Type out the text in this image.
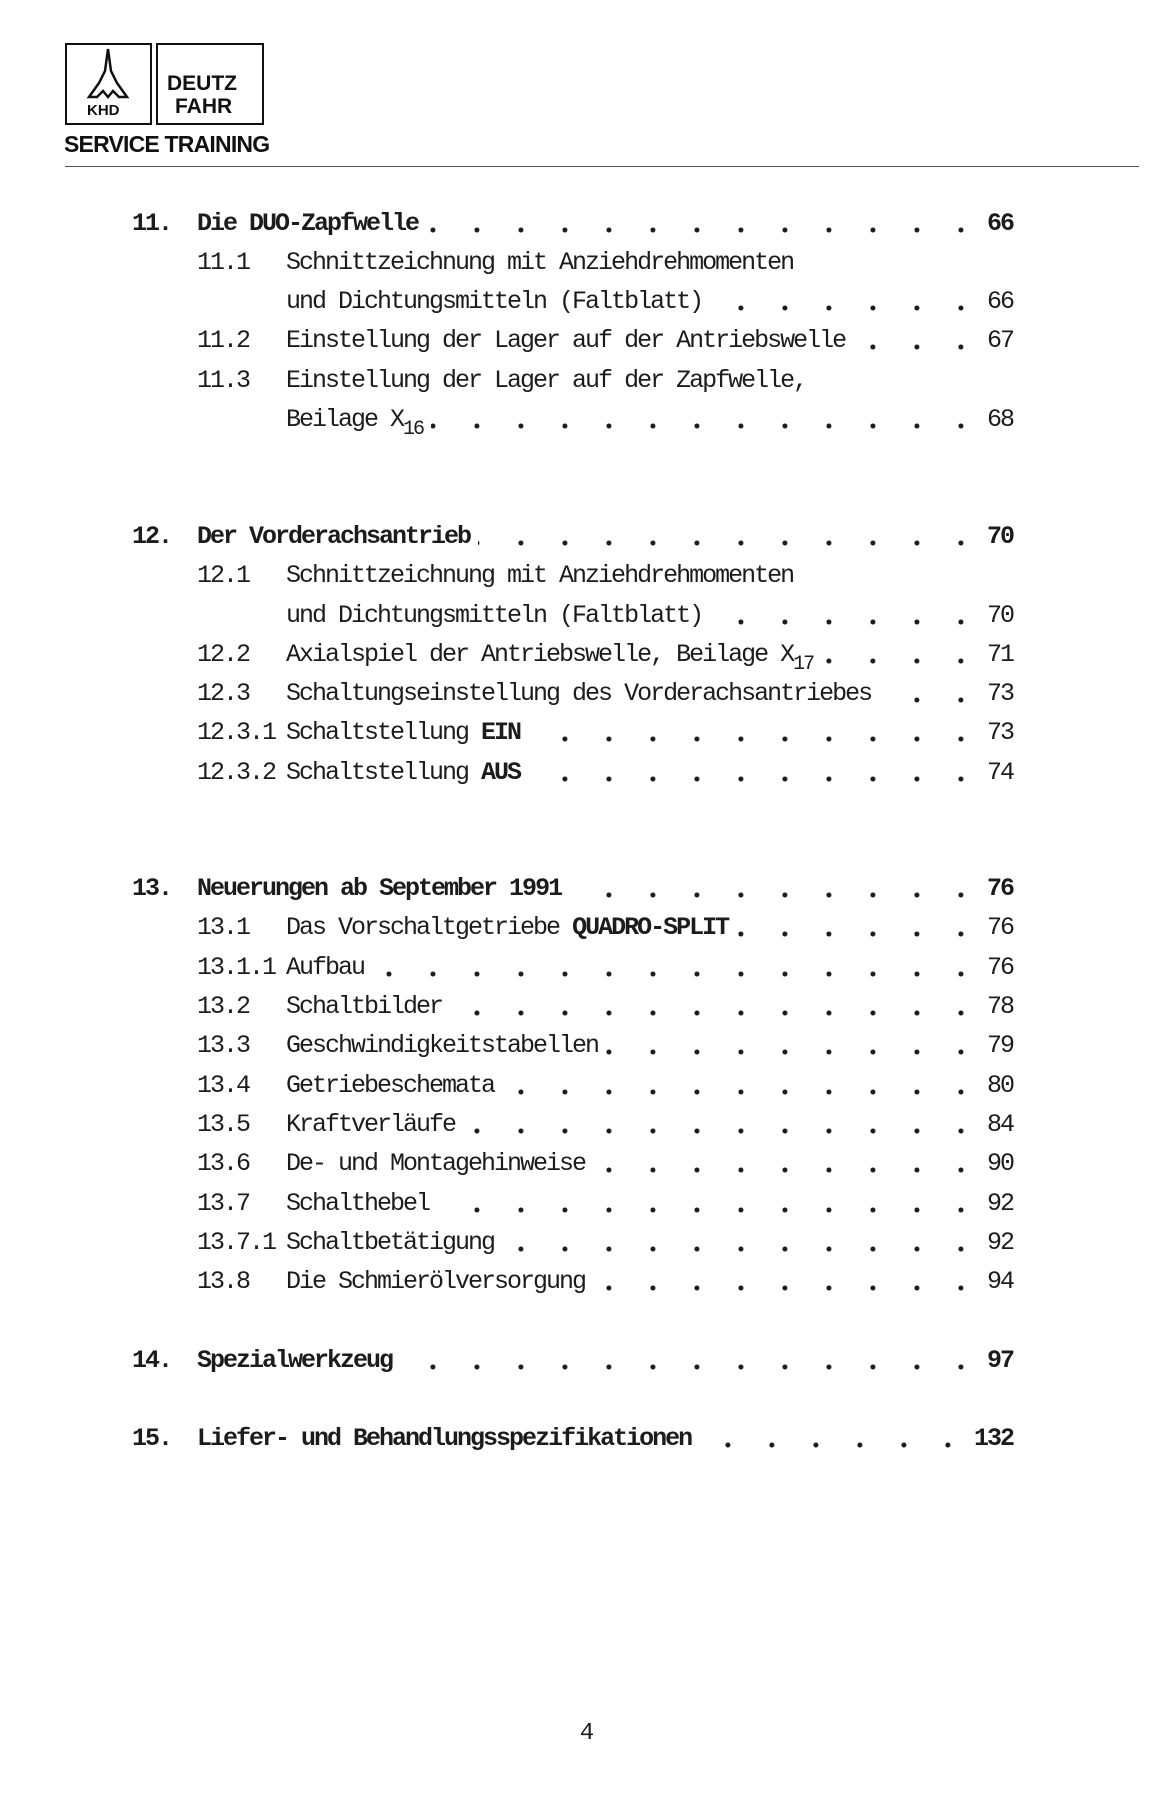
KHD
DEUTZ
FAHR
SERVICE TRAINING
11. Die DUO-Zapfwelle	66
11.1 Schnittzeichnung mit Anziehdrehmomenten
und Dichtungsmitteln (Faltblatt)	66
11.2 Einstellung der Lager auf der Antriebswelle	67
11.3 Einstellung der Lager auf der Zapfwelle,
Beilage X 16	68
12. Der Vorderachsantrieb	70
12.1 Schnittzeichnung mit Anziehdrehmomenten
und Dichtungsmitteln (Faltblatt)	70
12.2 Axialspiel der Antriebswelle, Beilage X 17	71
12.3 Schaltungseinstellung des Vorderachsantriebes	73
12.3.1 Schaltstellung EIN	73
12.3.2 Schaltstellung AUS	74
13. Neuerungen ab September 1991	76
13.1 Das Vorschaltgetriebe QUADRO-SPLIT	76
13.1.1 Aufbau	76
13.2 Schaltbilder	78
13.3 Geschwindigkeitstabellen	79
13.4 Getriebeschemata	80
13.5 Kraftverläufe	84
13.6 De- und Montagehinweise	90
13.7 Schalthebel	92
13.7.1 Schaltbetätigung	92
13.8 Die Schmierölversorgung	94
14. Spezialwerkzeug	97
15. Liefer- und Behandlungsspezifikationen	132
4
